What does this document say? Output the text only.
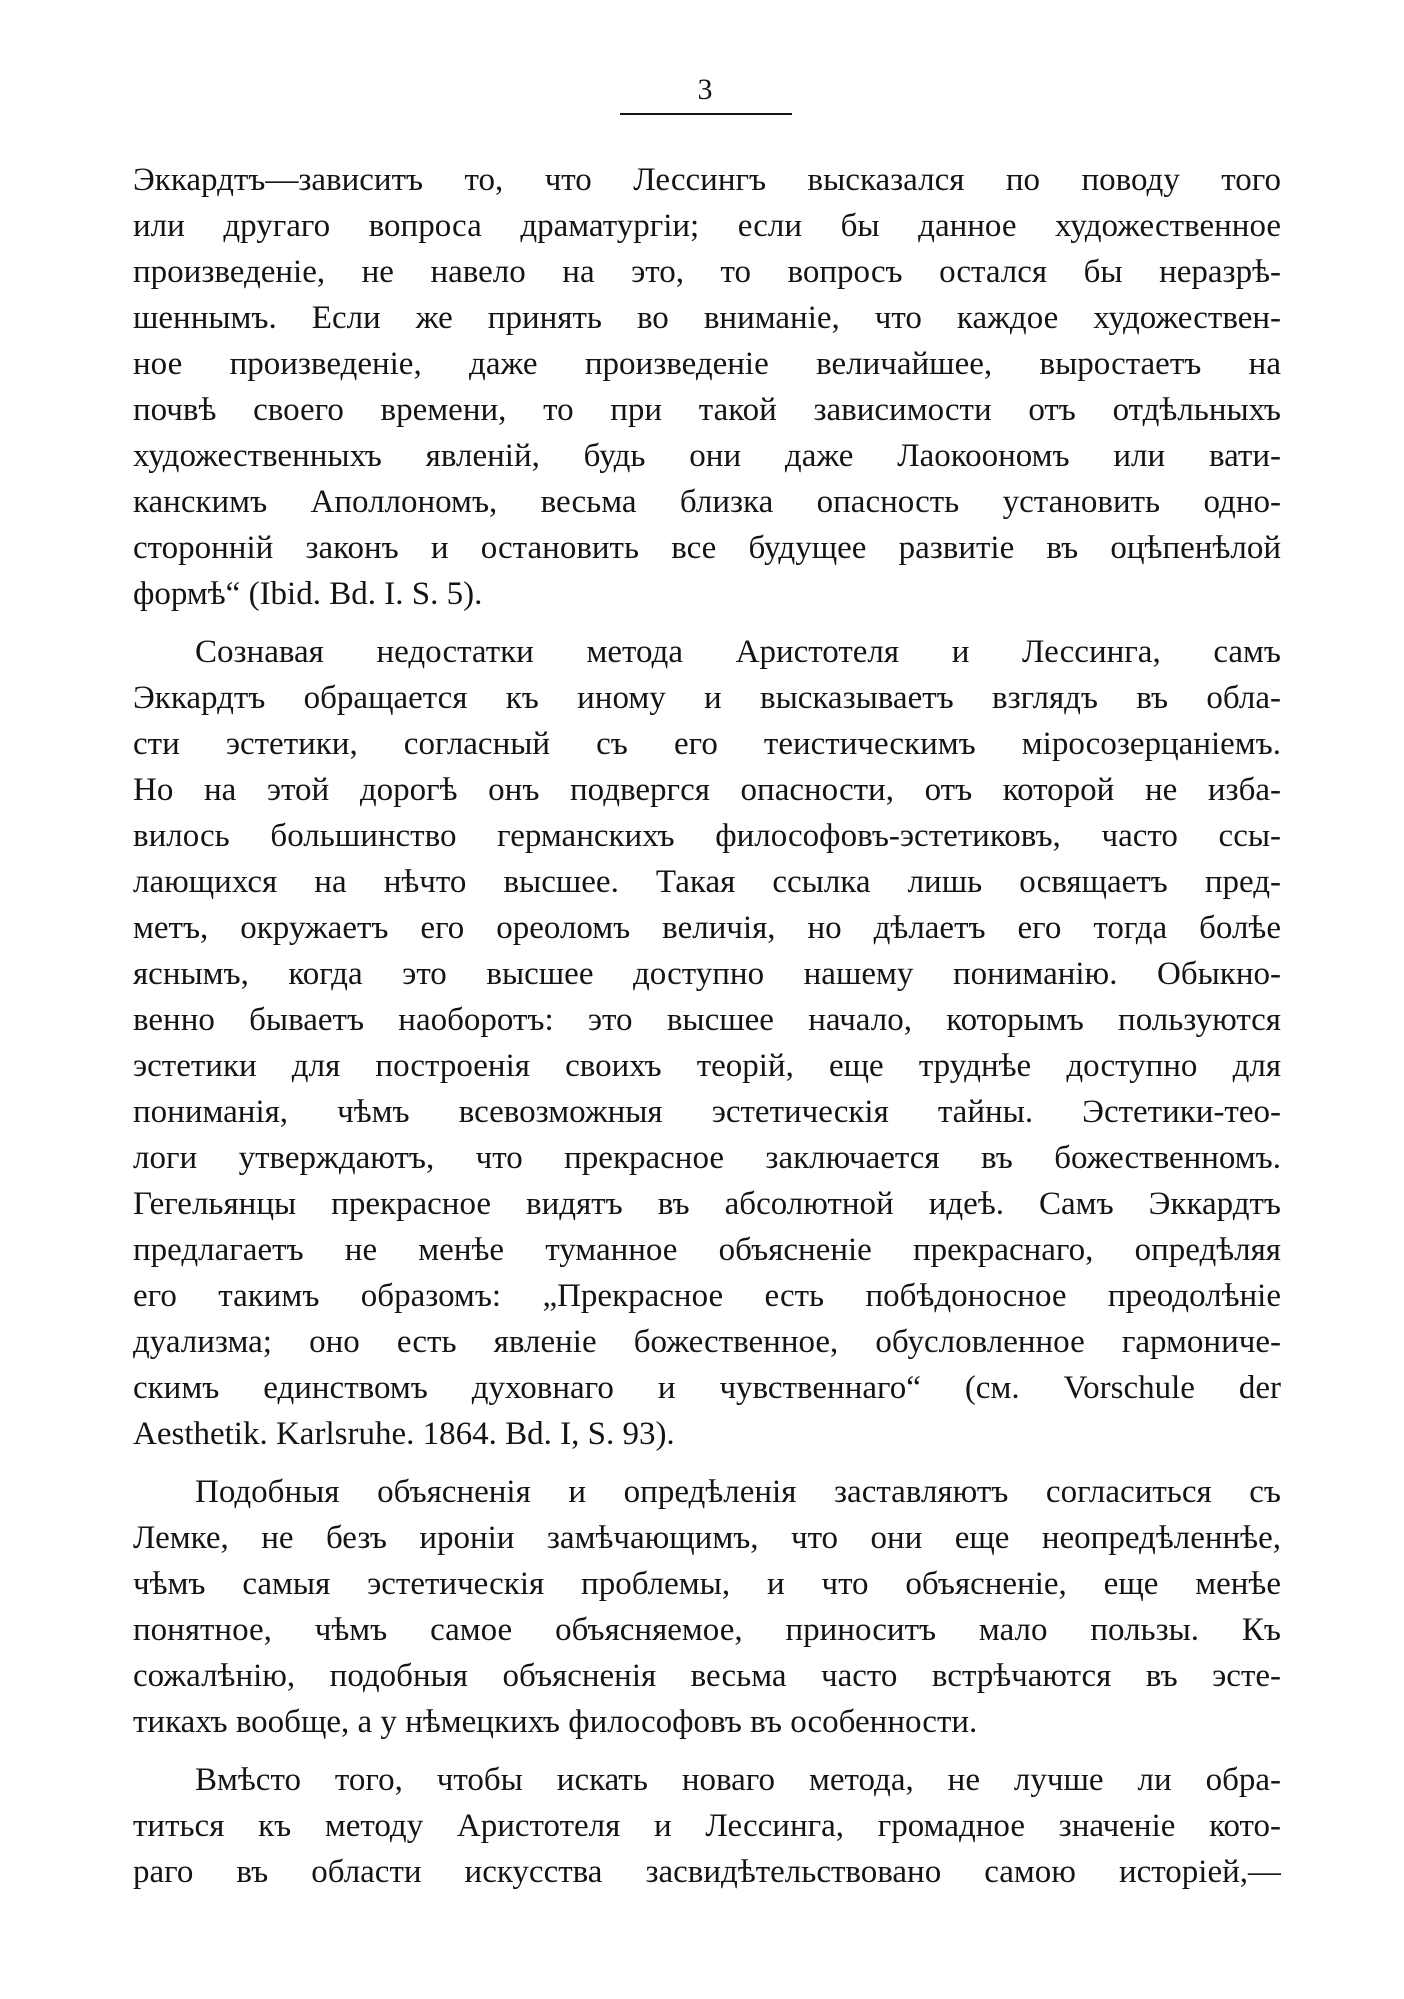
3
Эккардтъ—зависитъ то, что Лессингъ высказался по поводу того
или другаго вопроса драматургіи; если бы данное художественное
произведеніе, не навело на это, то вопросъ остался бы неразрѣ-
шеннымъ. Если же принять во вниманіе, что каждое художествен-
ное произведеніе, даже произведеніе величайшее, выростаетъ на
почвѣ своего времени, то при такой зависимости отъ отдѣльныхъ
художественныхъ явленій, будь они даже Лаокоономъ или вати-
канскимъ Аполлономъ, весьма близка опасность установить одно-
сторонній законъ и остановить все будущее развитіе въ оцѣпенѣлой
формѣ“ (Ibid. Bd. I. S. 5).
Сознавая недостатки метода Аристотеля и Лессинга, самъ
Эккардтъ обращается къ иному и высказываетъ взглядъ въ обла-
сти эстетики, согласный съ его теистическимъ міросозерцаніемъ.
Но на этой дорогѣ онъ подвергся опасности, отъ которой не изба-
вилось большинство германскихъ философовъ-эстетиковъ, часто ссы-
лающихся на нѣчто высшее. Такая ссылка лишь освящаетъ пред-
метъ, окружаетъ его ореоломъ величія, но дѣлаетъ его тогда болѣе
яснымъ, когда это высшее доступно нашему пониманію. Обыкно-
венно бываетъ наоборотъ: это высшее начало, которымъ пользуются
эстетики для построенія своихъ теорій, еще труднѣе доступно для
пониманія, чѣмъ всевозможныя эстетическія тайны. Эстетики-тео-
логи утверждаютъ, что прекрасное заключается въ божественномъ.
Гегельянцы прекрасное видятъ въ абсолютной идеѣ. Самъ Эккардтъ
предлагаетъ не менѣе туманное объясненіе прекраснаго, опредѣляя
его такимъ образомъ: „Прекрасное есть побѣдоносное преодолѣніе
дуализма; оно есть явленіе божественное, обусловленное гармониче-
скимъ единствомъ духовнаго и чувственнаго“ (см. Vorschule der
Aesthetik. Karlsruhe. 1864. Bd. I, S. 93).
Подобныя объясненія и опредѣленія заставляютъ согласиться съ
Лемке, не безъ ироніи замѣчающимъ, что они еще неопредѣленнѣе,
чѣмъ самыя эстетическія проблемы, и что объясненіе, еще менѣе
понятное, чѣмъ самое объясняемое, приноситъ мало пользы. Къ
сожалѣнію, подобныя объясненія весьма часто встрѣчаются въ эсте-
тикахъ вообще, а у нѣмецкихъ философовъ въ особенности.
Вмѣсто того, чтобы искать новаго метода, не лучше ли обра-
титься къ методу Аристотеля и Лессинга, громадное значеніе кото-
раго въ области искусства засвидѣтельствовано самою исторіей,—
